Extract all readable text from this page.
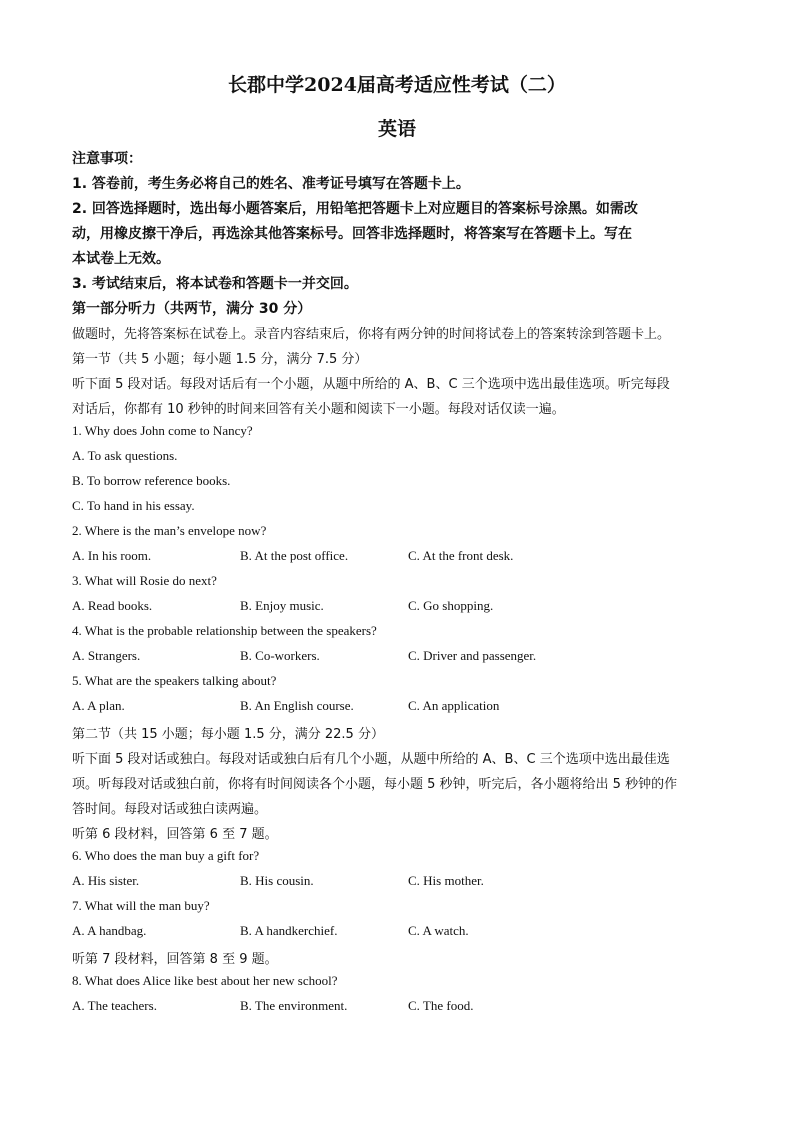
长郡中学2024届高考适应性考试（二）
英语
注意事项：
1. 答卷前，考生务必将自己的姓名、准考证号填写在答题卡上。
2. 回答选择题时，选出每小题答案后，用铅笔把答题卡上对应题目的答案标号涂黑。如需改
动，用橡皮擦干净后，再选涂其他答案标号。回答非选择题时，将答案写在答题卡上。写在
本试卷上无效。
3. 考试结束后，将本试卷和答题卡一并交回。
第一部分听力（共两节，满分 30 分）
做题时，先将答案标在试卷上。录音内容结束后，你将有两分钟的时间将试卷上的答案转涂到答题卡上。
第一节（共 5 小题；每小题 1.5 分，满分 7.5 分）
听下面 5 段对话。每段对话后有一个小题，从题中所给的 A、B、C 三个选项中选出最佳选项。听完每段
对话后，你都有 10 秒钟的时间来回答有关小题和阅读下一小题。每段对话仅读一遍。
1. Why does John come to Nancy?
A. To ask questions.
B. To borrow reference books.
C. To hand in his essay.
2. Where is the man’s envelope now?
A. In his room.	B. At the post office.	C. At the front desk.
3. What will Rosie do next?
A. Read books.	B. Enjoy music.	C. Go shopping.
4. What is the probable relationship between the speakers?
A. Strangers.	B. Co-workers.	C. Driver and passenger.
5. What are the speakers talking about?
A. A plan.	B. An English course.	C. An application
第二节（共 15 小题；每小题 1.5 分，满分 22.5 分）
听下面 5 段对话或独白。每段对话或独白后有几个小题，从题中所给的 A、B、C 三个选项中选出最佳选
项。听每段对话或独白前，你将有时间阅读各个小题，每小题 5 秒钟，听完后，各小题将给出 5 秒钟的作
答时间。每段对话或独白读两遍。
听第 6 段材料，回答第 6 至 7 题。
6. Who does the man buy a gift for?
A. His sister.	B. His cousin.	C. His mother.
7. What will the man buy?
A. A handbag.	B. A handkerchief.	C. A watch.
听第 7 段材料，回答第 8 至 9 题。
8. What does Alice like best about her new school?
A. The teachers.	B. The environment.	C. The food.
